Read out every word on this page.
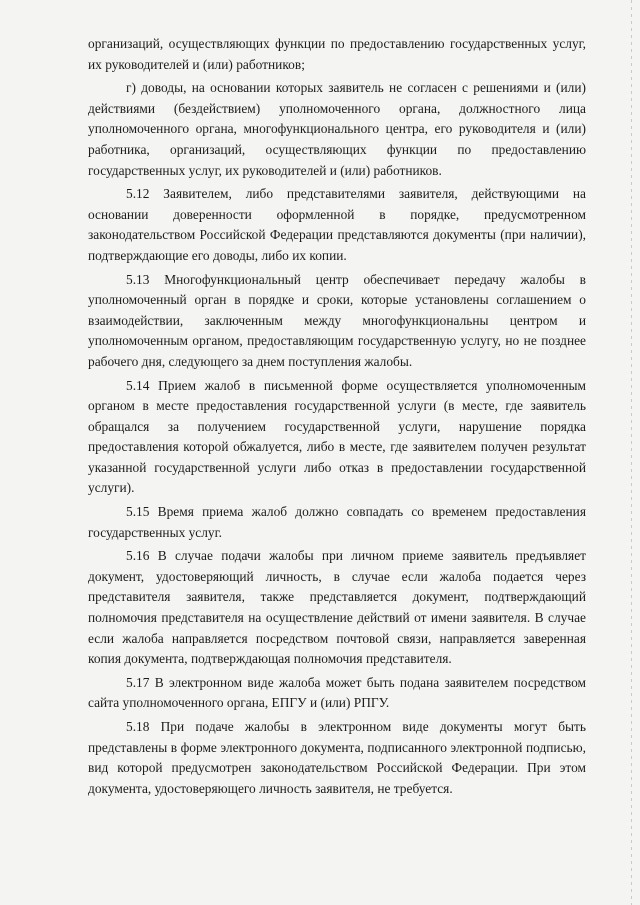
организаций, осуществляющих функции по предоставлению государственных услуг, их руководителей и (или) работников;

г) доводы, на основании которых заявитель не согласен с решениями и (или) действиями (бездействием) уполномоченного органа, должностного лица уполномоченного органа, многофункционального центра, его руководителя и (или) работника, организаций, осуществляющих функции по предоставлению государственных услуг, их руководителей и (или) работников.

5.12 Заявителем, либо представителями заявителя, действующими на основании доверенности оформленной в порядке, предусмотренном законодательством Российской Федерации представляются документы (при наличии), подтверждающие его доводы, либо их копии.

5.13 Многофункциональный центр обеспечивает передачу жалобы в уполномоченный орган в порядке и сроки, которые установлены соглашением о взаимодействии, заключенным между многофункциональны центром и уполномоченным органом, предоставляющим государственную услугу, но не позднее рабочего дня, следующего за днем поступления жалобы.

5.14 Прием жалоб в письменной форме осуществляется уполномоченным органом в месте предоставления государственной услуги (в месте, где заявитель обращался за получением государственной услуги, нарушение порядка предоставления которой обжалуется, либо в месте, где заявителем получен результат указанной государственной услуги либо отказ в предоставлении государственной услуги).

5.15 Время приема жалоб должно совпадать со временем предоставления государственных услуг.

5.16 В случае подачи жалобы при личном приеме заявитель предъявляет документ, удостоверяющий личность, в случае если жалоба подается через представителя заявителя, также представляется документ, подтверждающий полномочия представителя на осуществление действий от имени заявителя. В случае если жалоба направляется посредством почтовой связи, направляется заверенная копия документа, подтверждающая полномочия представителя.

5.17 В электронном виде жалоба может быть подана заявителем посредством сайта уполномоченного органа, ЕПГУ и (или) РПГУ.

5.18 При подаче жалобы в электронном виде документы могут быть представлены в форме электронного документа, подписанного электронной подписью, вид которой предусмотрен законодательством Российской Федерации. При этом документа, удостоверяющего личность заявителя, не требуется.
